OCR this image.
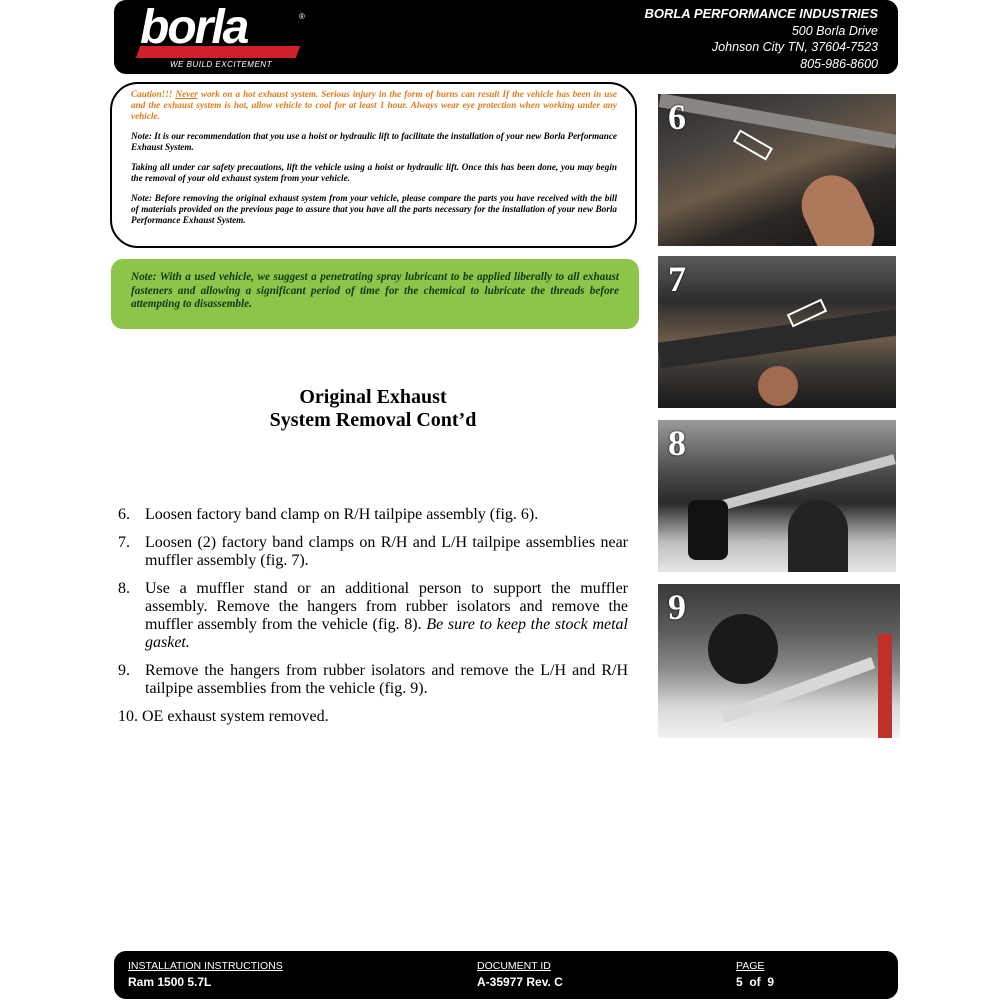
borla	®
WE BUILD EXCITEMENT
BORLA PERFORMANCE INDUSTRIES
500 Borla Drive
Johnson City TN, 37604-7523
805-986-8600

Caution!!! Never work on a hot exhaust system. Serious injury in the form of burns can result If the vehicle has been in use and the exhaust system is hot, allow vehicle to cool for at least 1 hour. Always wear eye protection when working under any vehicle.

Note: It is our recommendation that you use a hoist or hydraulic lift to facilitate the installation of your new Borla Performance Exhaust System.

Taking all under car safety precautions, lift the vehicle using a hoist or hydraulic lift. Once this has been done, you may begin the removal of your old exhaust system from your vehicle.

Note: Before removing the original exhaust system from your vehicle, please compare the parts you have received with the bill of materials provided on the previous page to assure that you have all the parts necessary for the installation of your new Borla Performance Exhaust System.

Note: With a used vehicle, we suggest a penetrating spray lubricant to be applied liberally to all exhaust fasteners and allowing a significant period of time for the chemical to lubricate the threads before attempting to disassemble.
Original Exhaust
System Removal Cont’d
6. Loosen factory band clamp on R/H tailpipe assembly (fig. 6).
7. Loosen (2) factory band clamps on R/H and L/H tailpipe assemblies near muffler assembly (fig. 7).
8. Use a muffler stand or an additional person to support the muffler assembly. Remove the hangers from rubber isolators and remove the muffler assembly from the vehicle (fig. 8). Be sure to keep the stock metal gasket.
9. Remove the hangers from rubber isolators and remove the L/H and R/H tailpipe assemblies from the vehicle (fig. 9).
10. OE exhaust system removed.
6
7
8
9
INSTALLATION INSTRUCTIONS
Ram 1500 5.7L
DOCUMENT ID
A-35977 Rev. C
PAGE
5  of  9
